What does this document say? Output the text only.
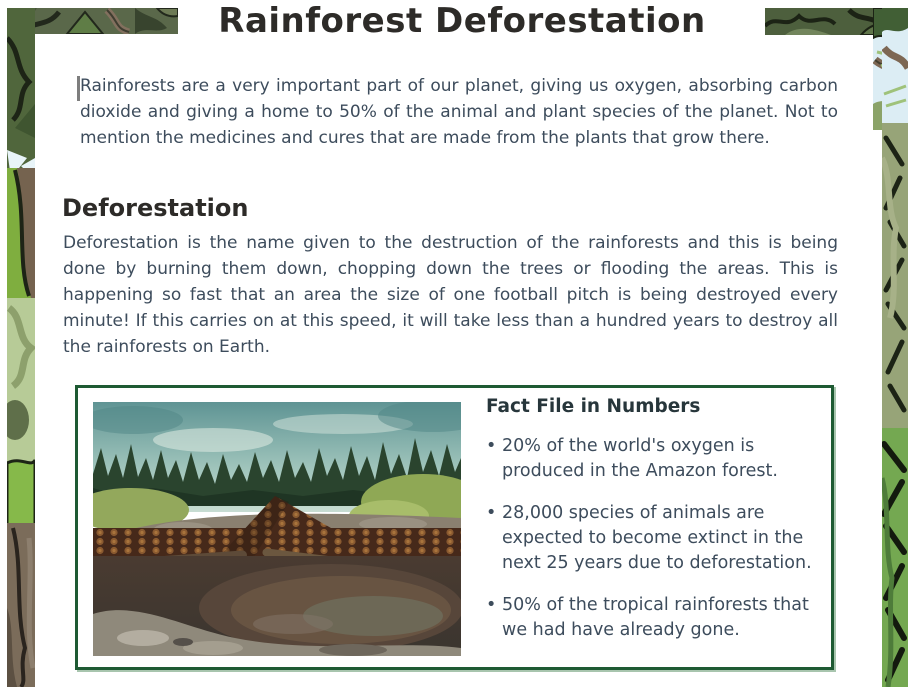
Rainforest Deforestation
Rainforests are a very important part of our planet, giving us oxygen, absorbing carbon dioxide and giving a home to 50% of the animal and plant species of the planet. Not to mention the medicines and cures that are made from the plants that grow there.
Deforestation
Deforestation is the name given to the destruction of the rainforests and this is being done by burning them down, chopping down the trees or flooding the areas. This is happening so fast that an area the size of one football pitch is being destroyed every minute! If this carries on at this speed, it will take less than a hundred years to destroy all the rainforests on Earth.
Fact File in Numbers
• 20% of the world's oxygen is produced in the Amazon forest.
• 28,000 species of animals are expected to become extinct in the next 25 years due to deforestation.
• 50% of the tropical rainforests that we had have already gone.
